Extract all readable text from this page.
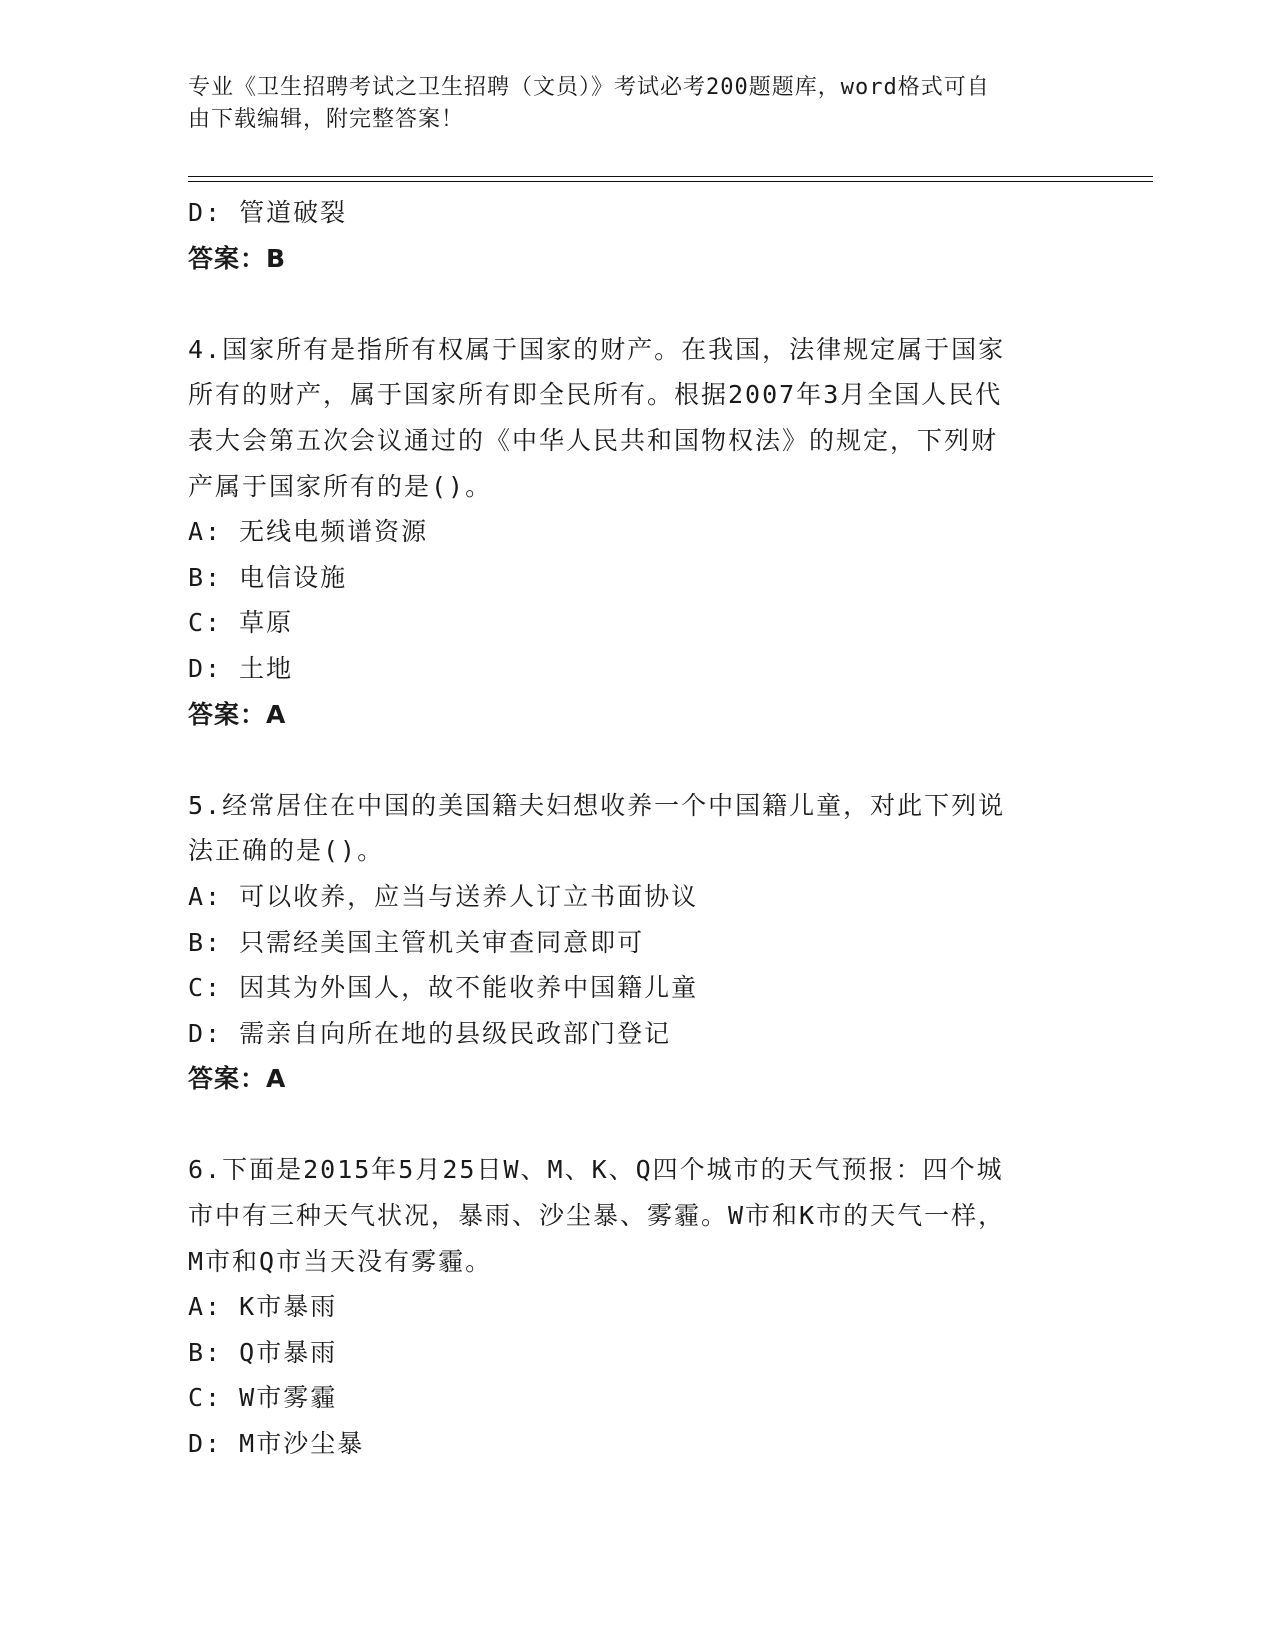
专业《卫生招聘考试之卫生招聘（文员）》考试必考200题题库，word格式可自
由下载编辑，附完整答案！
D: 管道破裂
答案：B
4.国家所有是指所有权属于国家的财产。在我国，法律规定属于国家
所有的财产，属于国家所有即全民所有。根据2007年3月全国人民代
表大会第五次会议通过的《中华人民共和国物权法》的规定，下列财
产属于国家所有的是()。
A: 无线电频谱资源
B: 电信设施
C: 草原
D: 土地
答案：A
5.经常居住在中国的美国籍夫妇想收养一个中国籍儿童，对此下列说
法正确的是()。
A: 可以收养，应当与送养人订立书面协议
B: 只需经美国主管机关审查同意即可
C: 因其为外国人，故不能收养中国籍儿童
D: 需亲自向所在地的县级民政部门登记
答案：A
6.下面是2015年5月25日W、M、K、Q四个城市的天气预报：四个城
市中有三种天气状况，暴雨、沙尘暴、雾霾。W市和K市的天气一样，
M市和Q市当天没有雾霾。
A: K市暴雨
B: Q市暴雨
C: W市雾霾
D: M市沙尘暴
